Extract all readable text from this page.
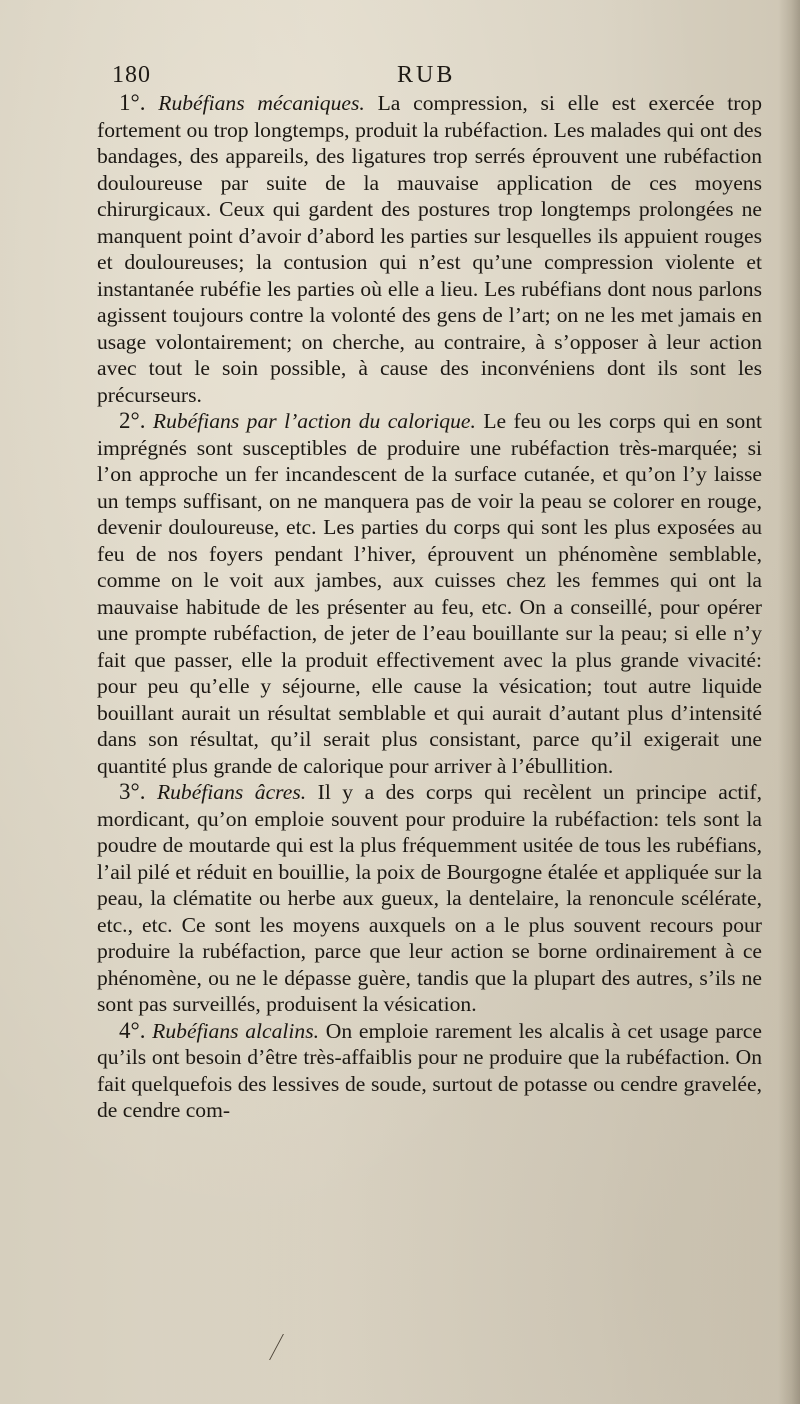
180	RUB

1°. Rubéfians mécaniques. La compression, si elle est exercée trop fortement ou trop longtemps, produit la rubéfaction. Les malades qui ont des bandages, des appareils, des ligatures trop serrés éprouvent une rubéfaction douloureuse par suite de la mauvaise application de ces moyens chirurgicaux. Ceux qui gardent des postures trop longtemps prolongées ne manquent point d’avoir d’abord les parties sur lesquelles ils appuient rouges et douloureuses; la contusion qui n’est qu’une compression violente et instantanée rubéfie les parties où elle a lieu. Les rubéfians dont nous parlons agissent toujours contre la volonté des gens de l’art; on ne les met jamais en usage volontairement; on cherche, au contraire, à s’opposer à leur action avec tout le soin possible, à cause des inconvéniens dont ils sont les précurseurs.

2°. Rubéfians par l’action du calorique. Le feu ou les corps qui en sont imprégnés sont susceptibles de produire une rubéfaction très-marquée; si l’on approche un fer incandescent de la surface cutanée, et qu’on l’y laisse un temps suffisant, on ne manquera pas de voir la peau se colorer en rouge, devenir douloureuse, etc. Les parties du corps qui sont les plus exposées au feu de nos foyers pendant l’hiver, éprouvent un phénomène semblable, comme on le voit aux jambes, aux cuisses chez les femmes qui ont la mauvaise habitude de les présenter au feu, etc. On a conseillé, pour opérer une prompte rubéfaction, de jeter de l’eau bouillante sur la peau; si elle n’y fait que passer, elle la produit effectivement avec la plus grande vivacité: pour peu qu’elle y séjourne, elle cause la vésication; tout autre liquide bouillant aurait un résultat semblable et qui aurait d’autant plus d’intensité dans son résultat, qu’il serait plus consistant, parce qu’il exigerait une quantité plus grande de calorique pour arriver à l’ébullition.

3°. Rubéfians âcres. Il y a des corps qui recèlent un principe actif, mordicant, qu’on emploie souvent pour produire la rubéfaction: tels sont la poudre de moutarde qui est la plus fréquemment usitée de tous les rubéfians, l’ail pilé et réduit en bouillie, la poix de Bourgogne étalée et appliquée sur la peau, la clématite ou herbe aux gueux, la dentelaire, la renoncule scélérate, etc., etc. Ce sont les moyens auxquels on a le plus souvent recours pour produire la rubéfaction, parce que leur action se borne ordinairement à ce phénomène, ou ne le dépasse guère, tandis que la plupart des autres, s’ils ne sont pas surveillés, produisent la vésication.

4°. Rubéfians alcalins. On emploie rarement les alcalis à cet usage parce qu’ils ont besoin d’être très-affaiblis pour ne produire que la rubéfaction. On fait quelquefois des lessives de soude, surtout de potasse ou cendre gravelée, de cendre com-
